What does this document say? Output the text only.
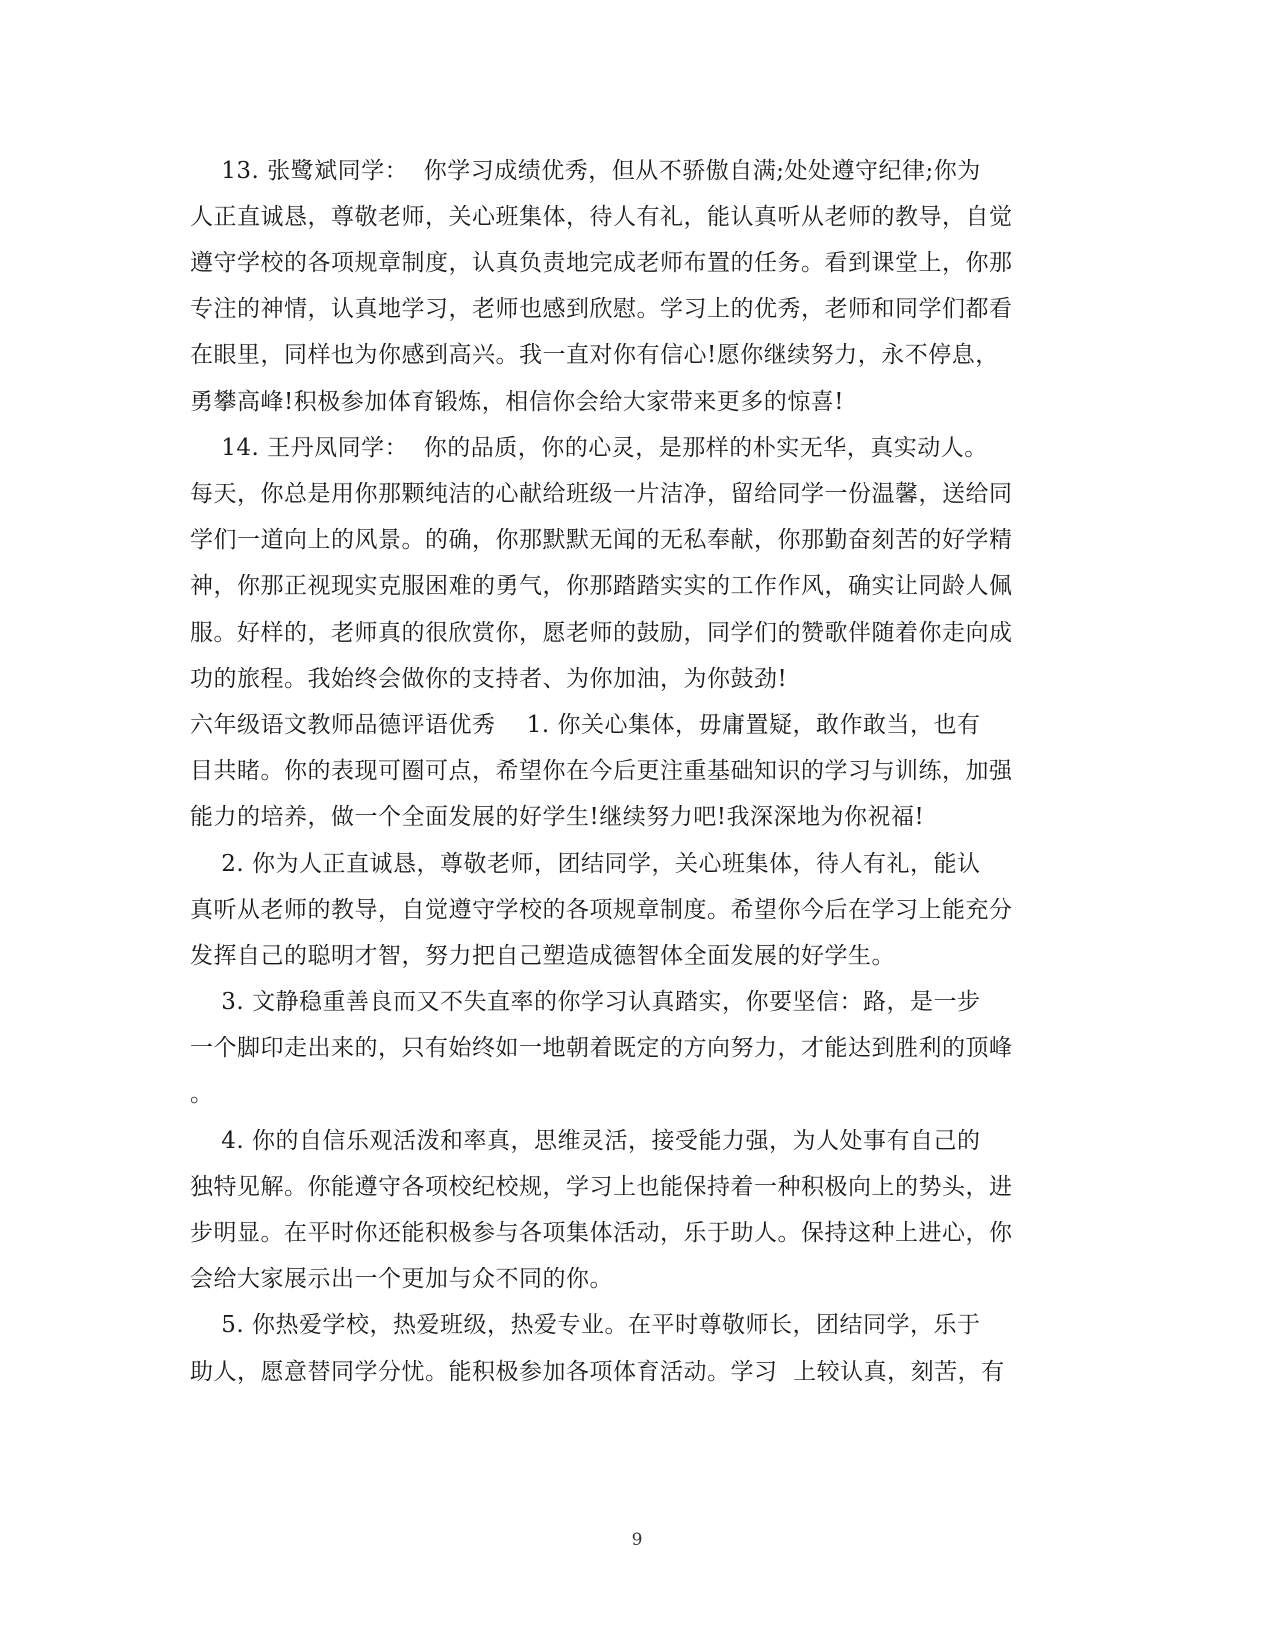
13. 张鹭斌同学：  你学习成绩优秀，但从不骄傲自满;处处遵守纪律;你为
人正直诚恳，尊敬老师，关心班集体，待人有礼，能认真听从老师的教导，自觉
遵守学校的各项规章制度，认真负责地完成老师布置的任务。看到课堂上，你那
专注的神情，认真地学习，老师也感到欣慰。学习上的优秀，老师和同学们都看
在眼里，同样也为你感到高兴。我一直对你有信心!愿你继续努力，永不停息，
勇攀高峰!积极参加体育锻炼，相信你会给大家带来更多的惊喜!
14. 王丹凤同学：  你的品质，你的心灵，是那样的朴实无华，真实动人。
每天，你总是用你那颗纯洁的心献给班级一片洁净，留给同学一份温馨，送给同
学们一道向上的风景。的确，你那默默无闻的无私奉献，你那勤奋刻苦的好学精
神，你那正视现实克服困难的勇气，你那踏踏实实的工作作风，确实让同龄人佩
服。好样的，老师真的很欣赏你，愿老师的鼓励，同学们的赞歌伴随着你走向成
功的旅程。我始终会做你的支持者、为你加油，为你鼓劲!
六年级语文教师品德评语优秀    1. 你关心集体，毋庸置疑，敢作敢当，也有
目共睹。你的表现可圈可点，希望你在今后更注重基础知识的学习与训练，加强
能力的培养，做一个全面发展的好学生!继续努力吧!我深深地为你祝福!
2. 你为人正直诚恳，尊敬老师，团结同学，关心班集体，待人有礼，能认
真听从老师的教导，自觉遵守学校的各项规章制度。希望你今后在学习上能充分
发挥自己的聪明才智，努力把自己塑造成德智体全面发展的好学生。
3. 文静稳重善良而又不失直率的你学习认真踏实，你要坚信：路，是一步
一个脚印走出来的，只有始终如一地朝着既定的方向努力，才能达到胜利的顶峰
。
4. 你的自信乐观活泼和率真，思维灵活，接受能力强，为人处事有自己的
独特见解。你能遵守各项校纪校规，学习上也能保持着一种积极向上的势头，进
步明显。在平时你还能积极参与各项集体活动，乐于助人。保持这种上进心，你
会给大家展示出一个更加与众不同的你。
5. 你热爱学校，热爱班级，热爱专业。在平时尊敬师长，团结同学，乐于
助人，愿意替同学分忧。能积极参加各项体育活动。学习  上较认真，刻苦，有
9
